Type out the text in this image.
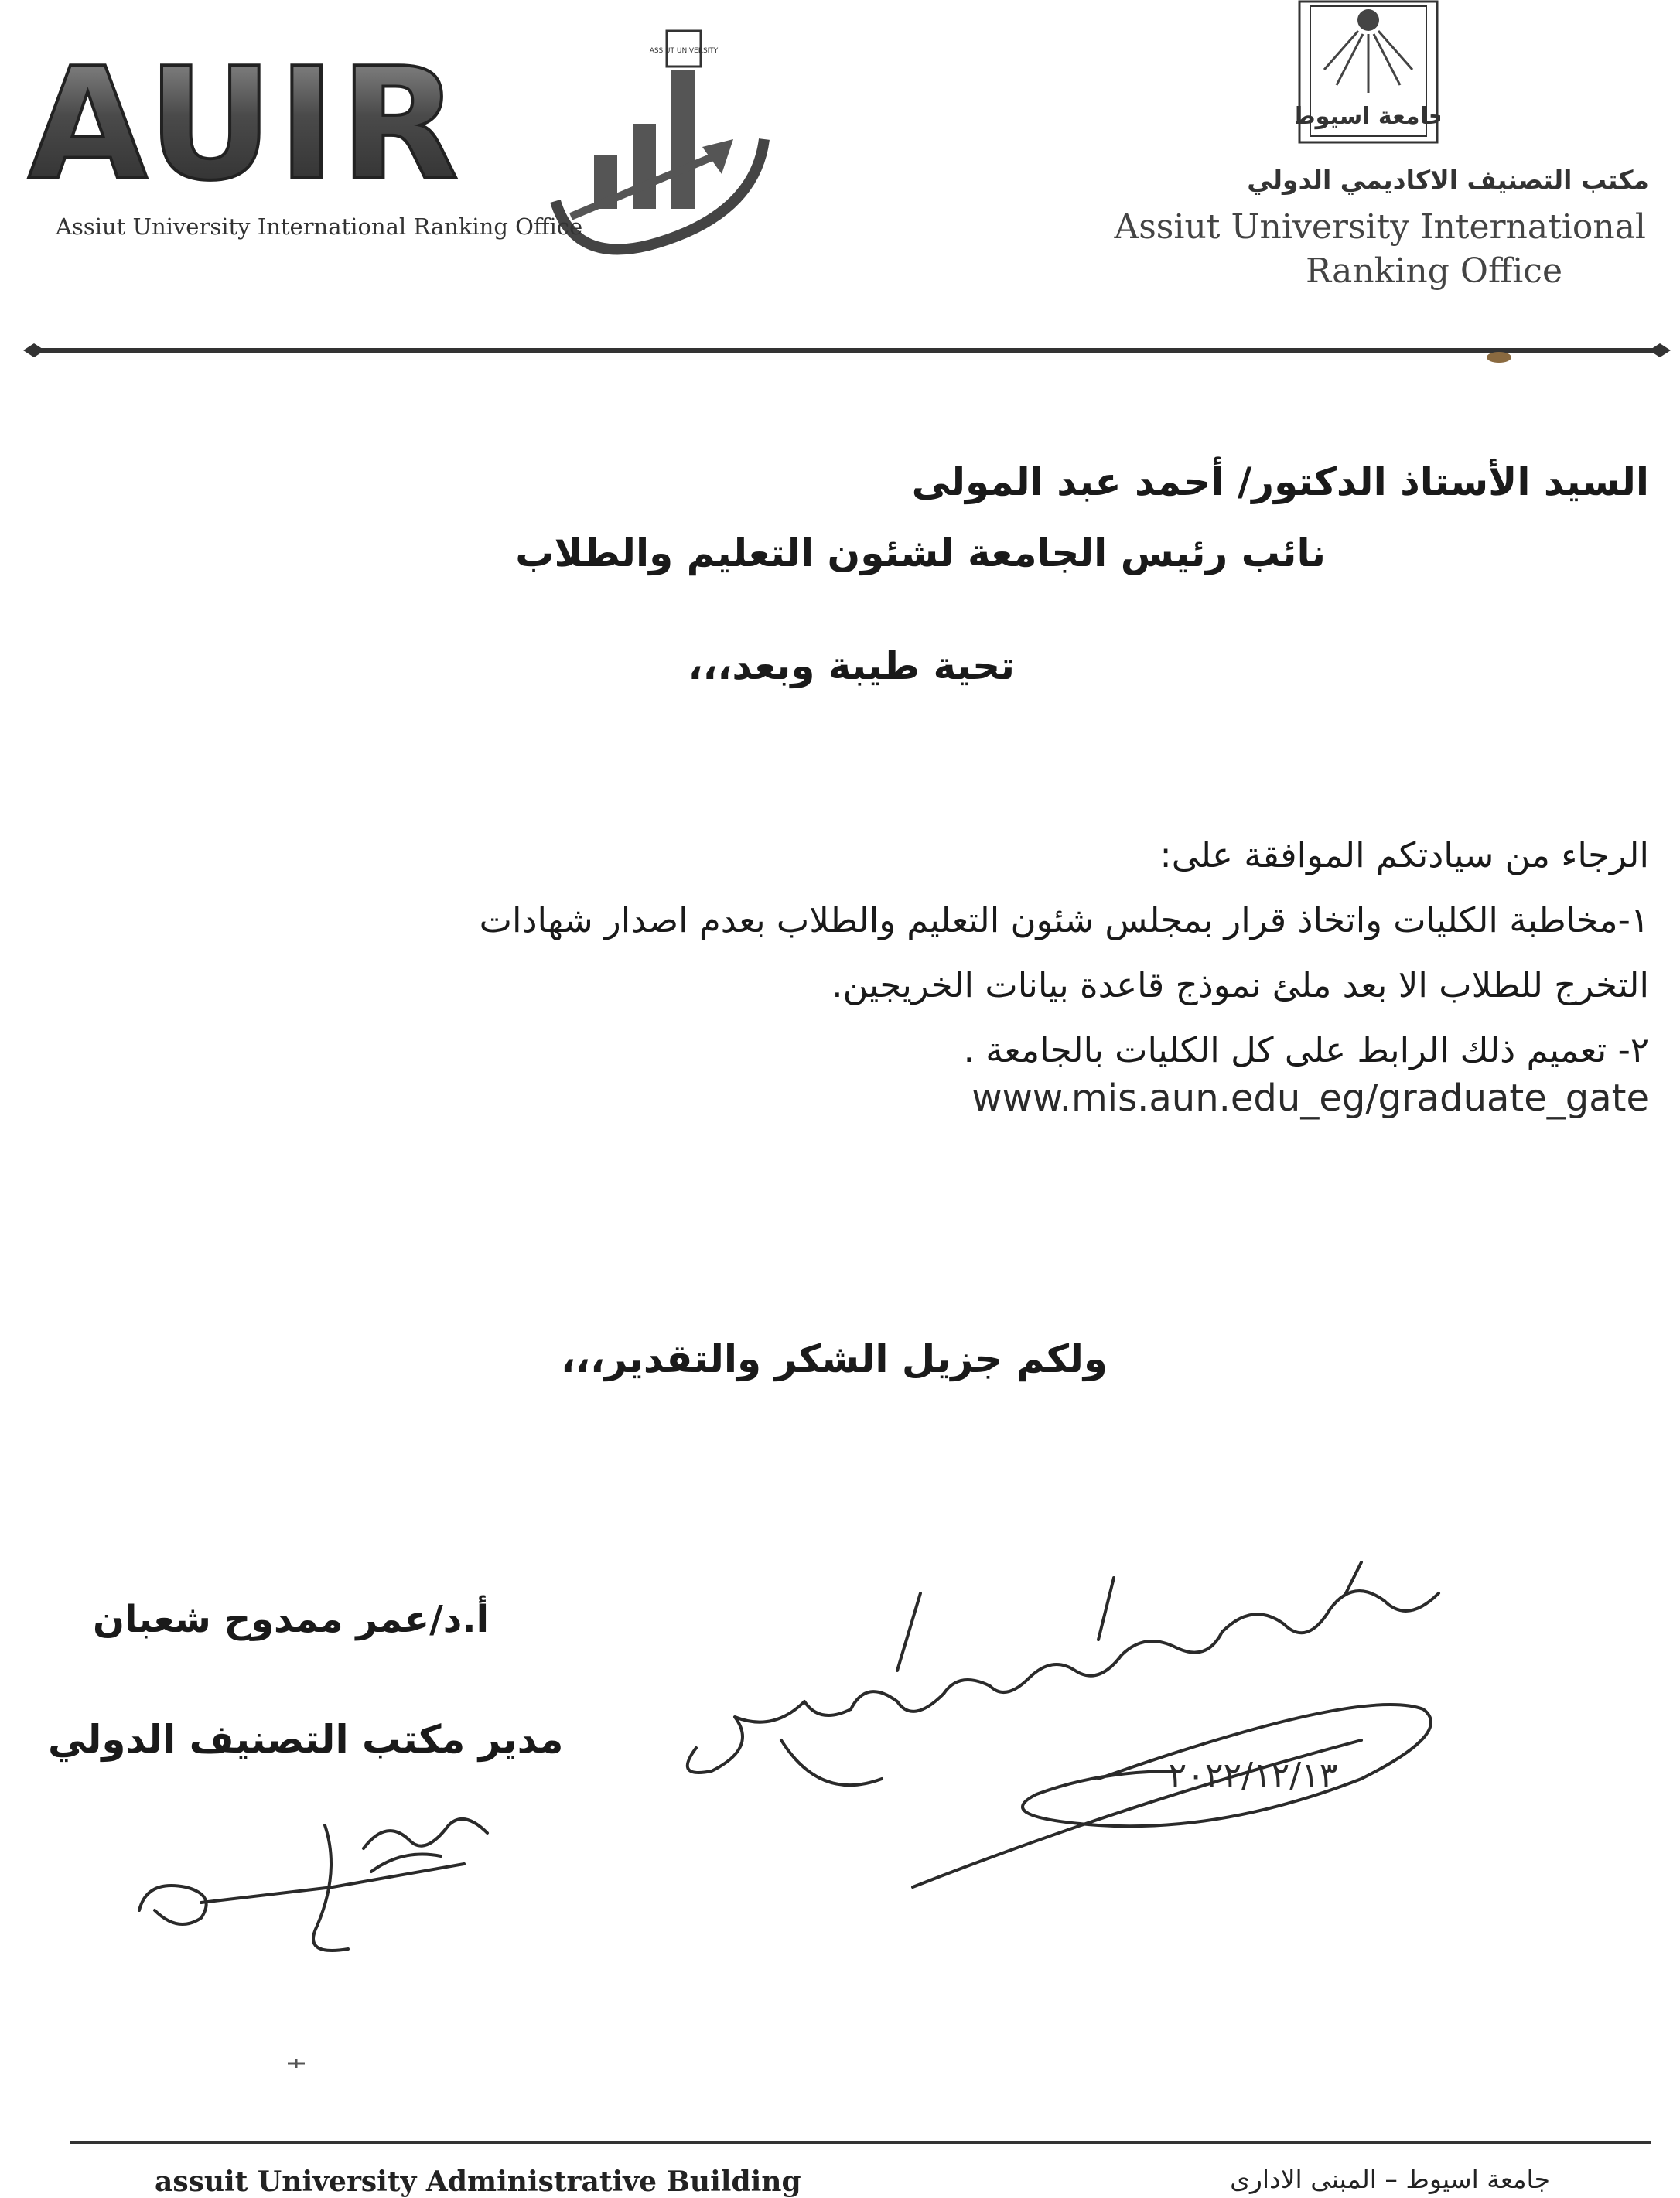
AUIR	ASSIUT UNIVERSITY
Assiut University International Ranking Office
جامعة اسيوط
مكتب التصنيف الاكاديمي الدولي
Assiut University International
Ranking Office
السيد الأستاذ الدكتور/ أحمد عبد المولى
نائب رئيس الجامعة لشئون التعليم والطلاب
تحية طيبة وبعد،،،
الرجاء من سيادتكم الموافقة على:
١-مخاطبة الكليات واتخاذ قرار بمجلس شئون التعليم والطلاب بعدم اصدار شهادات
التخرج للطلاب الا بعد ملئ نموذج قاعدة بيانات الخريجين.
٢- تعميم ذلك الرابط على كل الكليات بالجامعة .
www.mis.aun.edu_eg/graduate_gate
ولكم جزيل الشكر والتقدير،،،
أ.د/عمر ممدوح شعبان
مدير مكتب التصنيف الدولي
٢٠٢٢/١٢/١٣
assuit University Administrative Building	جامعة اسيوط – المبنى الادارى
